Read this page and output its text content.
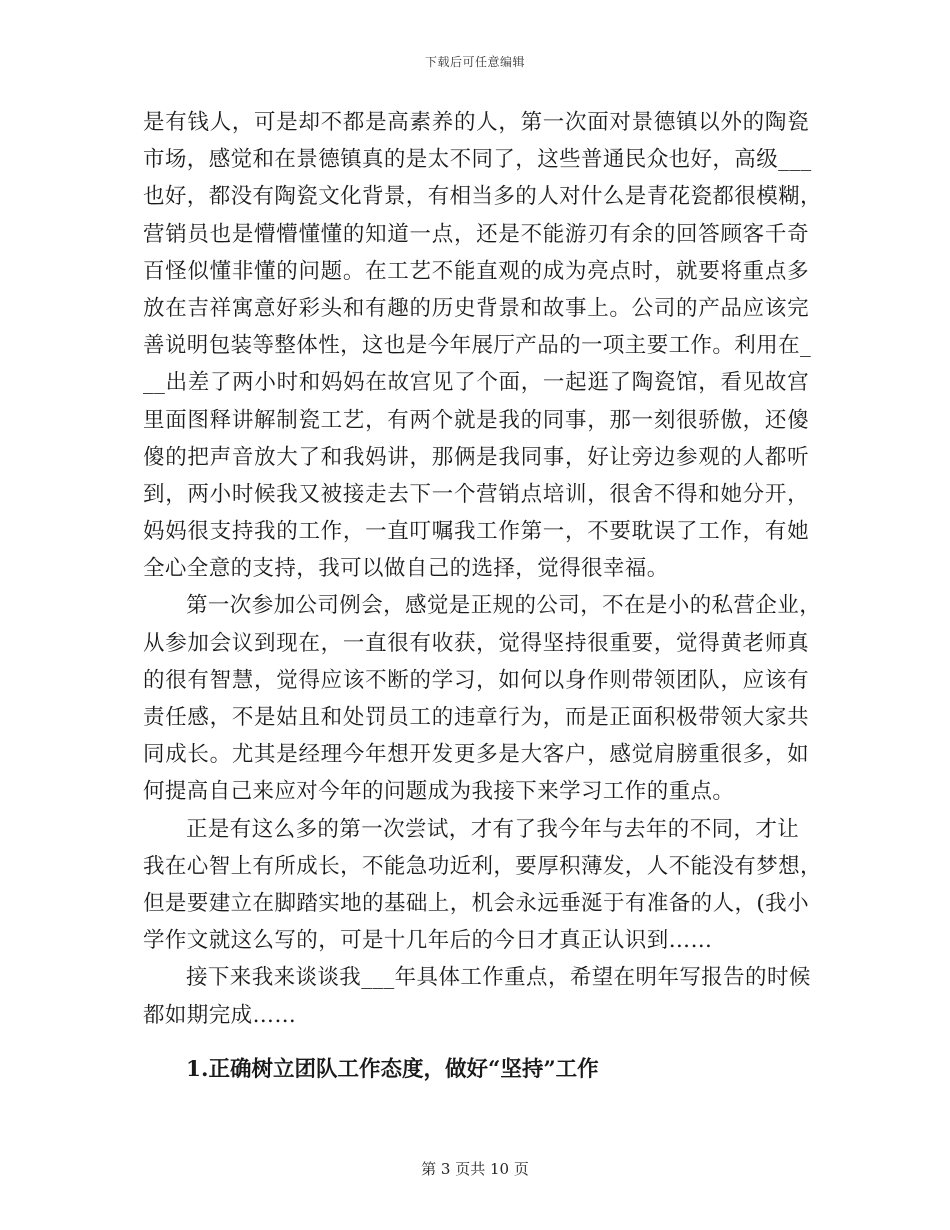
下载后可任意编辑
是有钱人，可是却不都是高素养的人，第一次面对景德镇以外的陶瓷
市场，感觉和在景德镇真的是太不同了，这些普通民众也好，高级___
也好，都没有陶瓷文化背景，有相当多的人对什么是青花瓷都很模糊，
营销员也是懵懵懂懂的知道一点，还是不能游刃有余的回答顾客千奇
百怪似懂非懂的问题。在工艺不能直观的成为亮点时，就要将重点多
放在吉祥寓意好彩头和有趣的历史背景和故事上。公司的产品应该完
善说明包装等整体性，这也是今年展厅产品的一项主要工作。利用在_
__出差了两小时和妈妈在故宫见了个面，一起逛了陶瓷馆，看见故宫
里面图释讲解制瓷工艺，有两个就是我的同事，那一刻很骄傲，还傻
傻的把声音放大了和我妈讲，那俩是我同事，好让旁边参观的人都听
到，两小时候我又被接走去下一个营销点培训，很舍不得和她分开，
妈妈很支持我的工作，一直叮嘱我工作第一，不要耽误了工作，有她
全心全意的支持，我可以做自己的选择，觉得很幸福。
第一次参加公司例会，感觉是正规的公司，不在是小的私营企业，
从参加会议到现在，一直很有收获，觉得坚持很重要，觉得黄老师真
的很有智慧，觉得应该不断的学习，如何以身作则带领团队，应该有
责任感，不是姑且和处罚员工的违章行为，而是正面积极带领大家共
同成长。尤其是经理今年想开发更多是大客户，感觉肩膀重很多，如
何提高自己来应对今年的问题成为我接下来学习工作的重点。
正是有这么多的第一次尝试，才有了我今年与去年的不同，才让
我在心智上有所成长，不能急功近利，要厚积薄发，人不能没有梦想，
但是要建立在脚踏实地的基础上，机会永远垂涎于有准备的人，(我小
学作文就这么写的，可是十几年后的今日才真正认识到……
接下来我来谈谈我___年具体工作重点，希望在明年写报告的时候
都如期完成……
1.正确树立团队工作态度，做好“坚持”工作
第 3 页共 10 页
